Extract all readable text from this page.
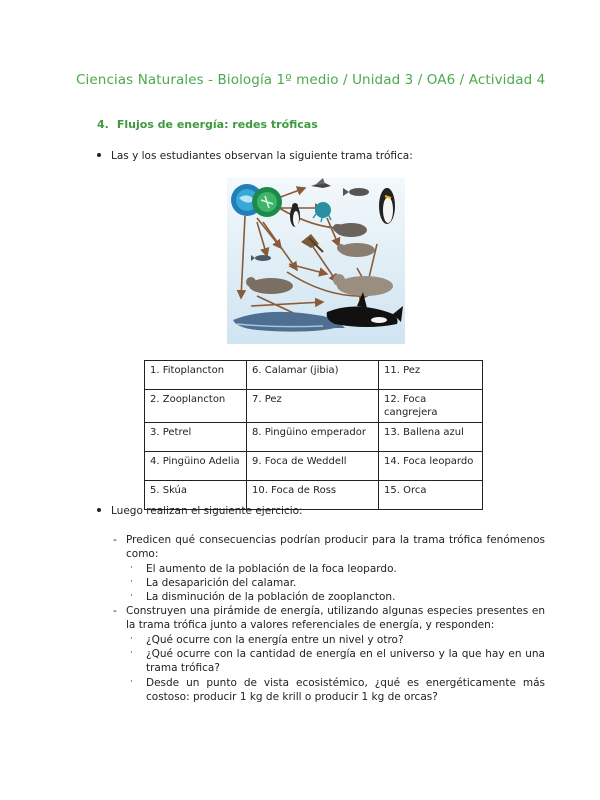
Ciencias Naturales - Biología 1º medio / Unidad 3 / OA6 / Actividad 4
4. Flujos de energía: redes tróficas
Las y los estudiantes observan la siguiente trama trófica:
1. Fitoplancton	6. Calamar (jibia)	11. Pez
2. Zooplancton	7. Pez	12. Foca cangrejera
3. Petrel	8. Pingüino emperador	13. Ballena azul
4. Pingüino Adelia	9. Foca de Weddell	14. Foca leopardo
5. Skúa	10. Foca de Ross	15. Orca
Luego realizan el siguiente ejercicio:
- Predicen qué consecuencias podrían producir para la trama trófica fenómenos como:
· El aumento de la población de la foca leopardo.
· La desaparición del calamar.
· La disminución de la población de zooplancton.
- Construyen una pirámide de energía, utilizando algunas especies presentes en la trama trófica junto a valores referenciales de energía, y responden:
· ¿Qué ocurre con la energía entre un nivel y otro?
· ¿Qué ocurre con la cantidad de energía en el universo y la que hay en una trama trófica?
· Desde un punto de vista ecosistémico, ¿qué es energéticamente más costoso: producir 1 kg de krill o producir 1 kg de orcas?
